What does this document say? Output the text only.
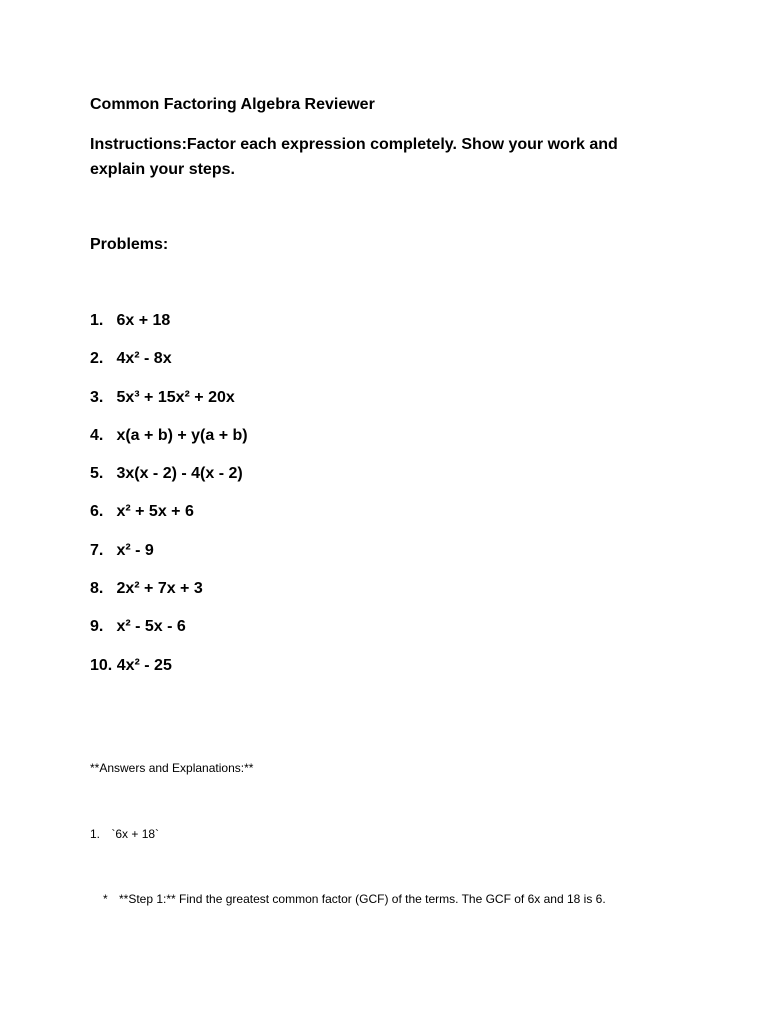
Common Factoring Algebra Reviewer
Instructions:Factor each expression completely. Show your work and explain your steps.
Problems:
1. 6x + 18
2. 4x² - 8x
3. 5x³ + 15x² + 20x
4. x(a + b) + y(a + b)
5. 3x(x - 2) - 4(x - 2)
6. x² + 5x + 6
7. x² - 9
8. 2x² + 7x + 3
9. x² - 5x - 6
10. 4x² - 25
**Answers and Explanations:**
1. `6x + 18`
* **Step 1:** Find the greatest common factor (GCF) of the terms. The GCF of 6x and 18 is 6.
